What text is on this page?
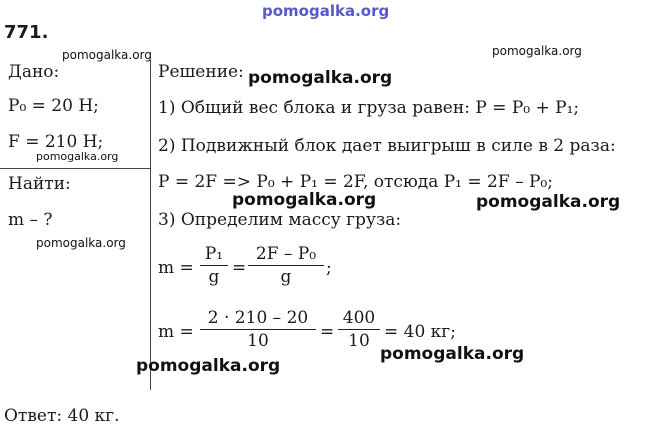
pomogalka.org
771.
pomogalka.org
Дано:
P₀ = 20 Н;
F = 210 Н;
pomogalka.org
Найти:
m – ?
pomogalka.org
pomogalka.org
Решение: pomogalka.org
1) Общий вес блока и груза равен: P = P₀ + P₁;
2) Подвижный блок дает выигрыш в силе в 2 раза:
P = 2F => P₀ + P₁ = 2F, отсюда P₁ = 2F – P₀;
pomogalka.org	pomogalka.org
3) Определим массу груза:
m =
P₁
g =
2F – P₀
g	;
m =
2 · 210 – 20
10	=
400
10 = 40 кг;
pomogalka.org
pomogalka.org
Ответ: 40 кг.
